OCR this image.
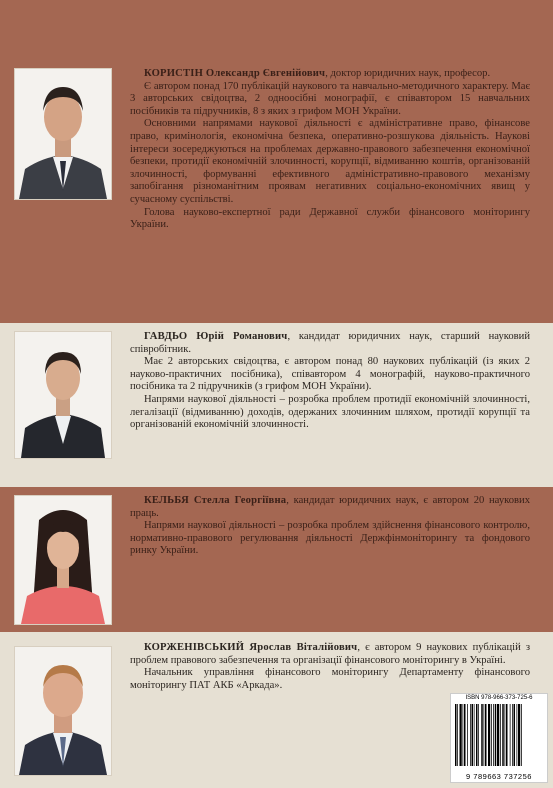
КОРИСТІН Олександр Євгенійович, доктор юридичних наук, професор.

Є автором понад 170 публікацій наукового та навчально-методичного характеру. Має 3 авторських свідоцтва, 2 одноосібні монографії, є співавтором 15 навчальних посібників та підручників, 8 з яких з грифом МОН України.

Основними напрямами наукової діяльності є адміністративне право, фінансове право, кримінологія, економічна безпека, оперативно-розшукова діяльність. Наукові інтереси зосереджуються на проблемах державно-правового забезпечення економічної безпеки, протидії економічній злочинності, корупції, відмиванню коштів, організованій злочинності, формуванні ефективного адміністративно-правового механізму запобігання різноманітним проявам негативних соціально-економічних явищ у сучасному суспільстві.

Голова науково-експертної ради Державної служби фінансового моніторингу України.

ГАВДЬО Юрій Романович, кандидат юридичних наук, старший науковий співробітник.

Має 2 авторських свідоцтва, є автором понад 80 наукових публікацій (із яких 2 науково-практичних посібника), співавтором 4 монографій, науково-практичного посібника та 2 підручників (з грифом МОН України).

Напрями наукової діяльності – розробка проблем протидії економічній злочинності, легалізації (відмиванню) доходів, одержаних злочинним шляхом, протидії корупції та організованій економічній злочинності.

КЕЛЬБЯ Стелла Георгіївна, кандидат юридичних наук, є автором 20 наукових праць.

Напрями наукової діяльності – розробка проблем здійснення фінансового контролю, нормативно-правового регулювання діяльності Держфінмоніторингу та фондового ринку України.

КОРЖЕНІВСЬКИЙ Ярослав Віталійович, є автором 9 наукових публікацій з проблем правового забезпечення та організації фінансового моніторингу в Україні.

Начальник управління фінансового моніторингу Департаменту фінансового моніторингу ПАТ АКБ «Аркада».

ISBN 978-966-373-725-6
9 789663 737256
